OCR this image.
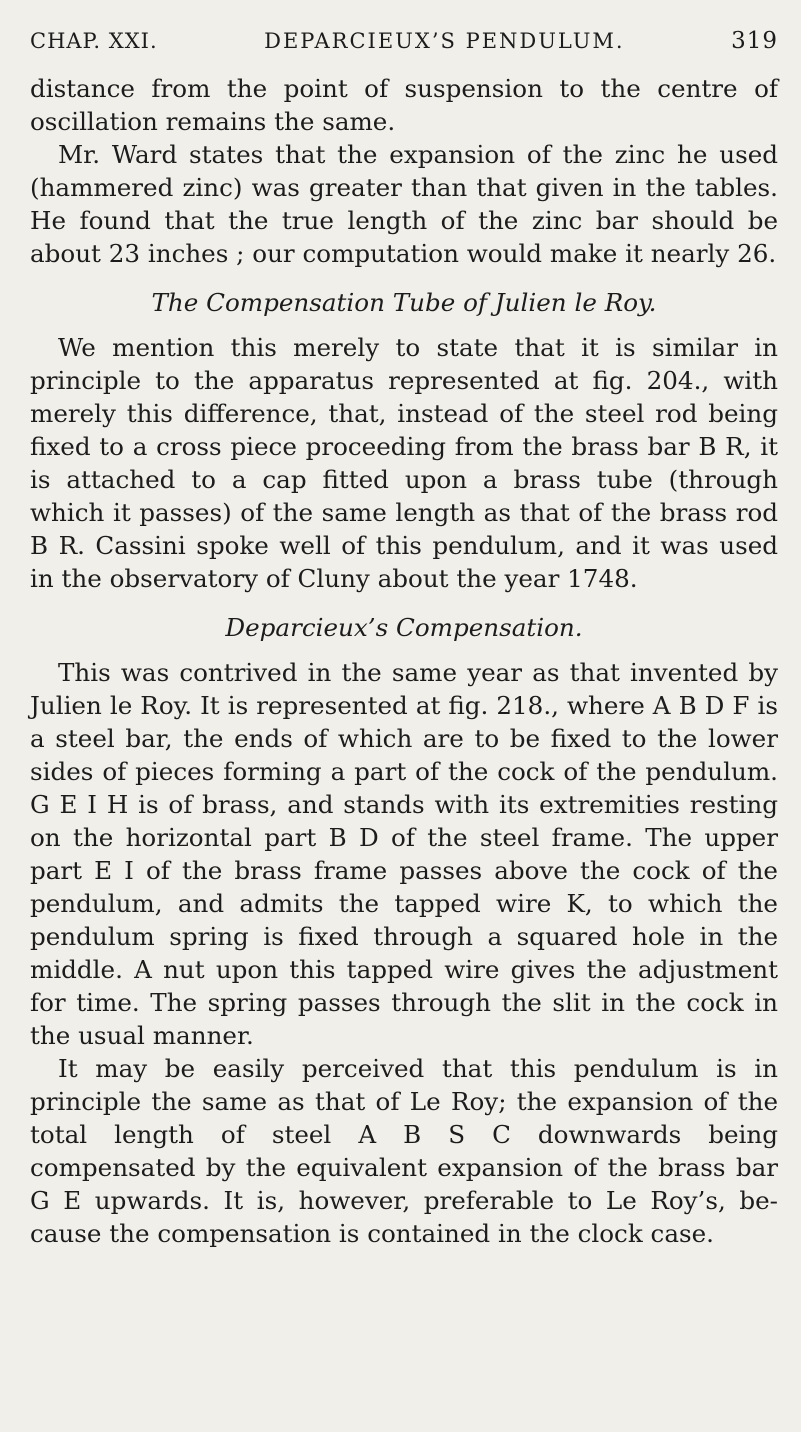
CHAP. XXI.	DEPARCIEUX’S PENDULUM.	319

distance from the point of suspension to the centre of oscillation remains the same.

Mr. Ward states that the expansion of the zinc he used (hammered zinc) was greater than that given in the tables. He found that the true length of the zinc bar should be about 23 inches ; our computation would make it nearly 26.

The Compensation Tube of Julien le Roy.

We mention this merely to state that it is similar in principle to the apparatus represented at fig. 204., with merely this difference, that, instead of the steel rod being fixed to a cross piece proceeding from the brass bar B R, it is attached to a cap fitted upon a brass tube (through which it passes) of the same length as that of the brass rod B R. Cassini spoke well of this pendulum, and it was used in the observatory of Cluny about the year 1748.

Deparcieux’s Compensation.

This was contrived in the same year as that invented by Julien le Roy. It is represented at fig. 218., where A B D F is a steel bar, the ends of which are to be fixed to the lower sides of pieces forming a part of the cock of the pendulum. G E I H is of brass, and stands with its extremities resting on the horizontal part B D of the steel frame. The upper part E I of the brass frame passes above the cock of the pendulum, and admits the tapped wire K, to which the pendulum spring is fixed through a squared hole in the middle. A nut upon this tapped wire gives the adjustment for time. The spring passes through the slit in the cock in the usual manner.

It may be easily perceived that this pendulum is in principle the same as that of Le Roy; the expansion of the total length of steel A B S C downwards being compensated by the equivalent expansion of the brass bar G E upwards. It is, however, preferable to Le Roy’s, be- cause the compensation is contained in the clock case.
